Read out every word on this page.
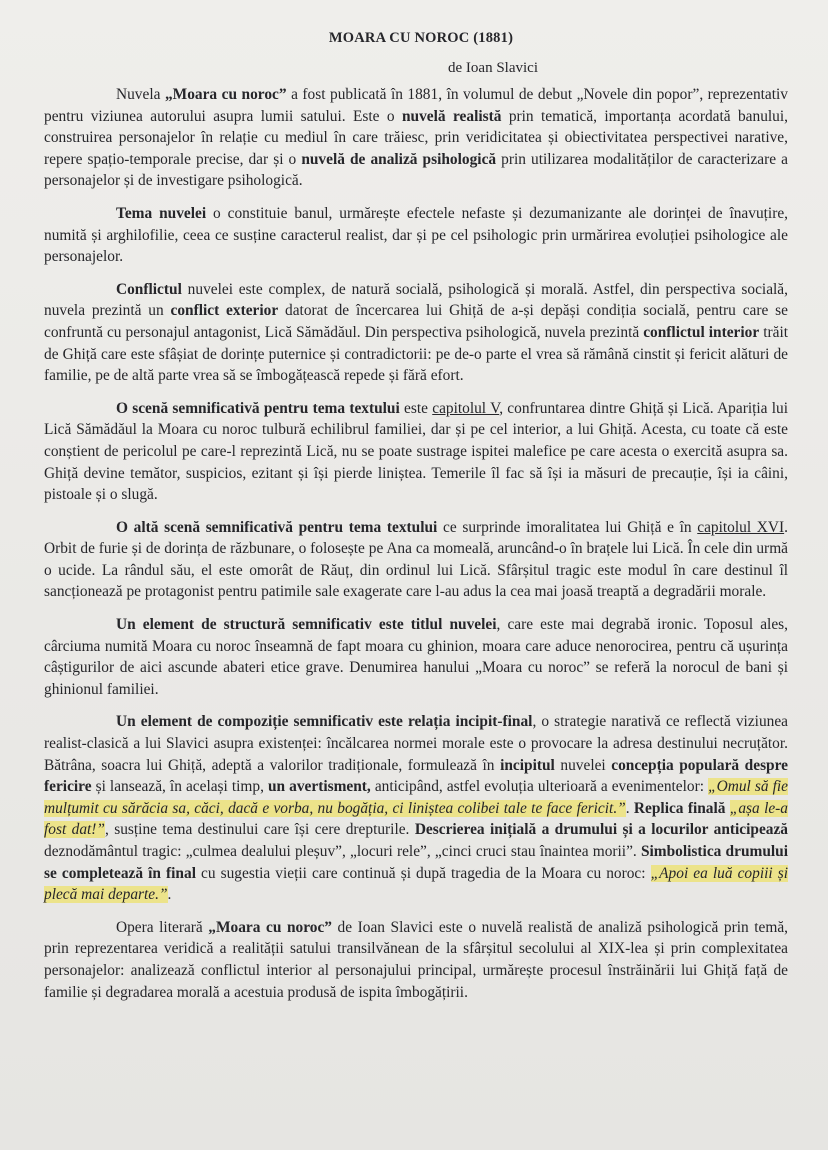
MOARA CU NOROC (1881)
de Ioan Slavici

Nuvela „Moara cu noroc” a fost publicată în 1881, în volumul de debut „Novele din popor”, reprezentativ pentru viziunea autorului asupra lumii satului. Este o nuvelă realistă prin tematică, importanța acordată banului, construirea personajelor în relație cu mediul în care trăiesc, prin veridicitatea și obiectivitatea perspectivei narative, repere spațio-temporale precise, dar și o nuvelă de analiză psihologică prin utilizarea modalităților de caracterizare a personajelor și de investigare psihologică.

Tema nuvelei o constituie banul, urmărește efectele nefaste și dezumanizante ale dorinței de înavuțire, numită și arghilofilie, ceea ce susține caracterul realist, dar și pe cel psihologic prin urmărirea evoluției psihologice ale personajelor.

Conflictul nuvelei este complex, de natură socială, psihologică și morală. Astfel, din perspectiva socială, nuvela prezintă un conflict exterior datorat de încercarea lui Ghiță de a-și depăși condiția socială, pentru care se confruntă cu personajul antagonist, Lică Sămădăul. Din perspectiva psihologică, nuvela prezintă conflictul interior trăit de Ghiță care este sfâșiat de dorințe puternice și contradictorii: pe de-o parte el vrea să rămână cinstit și fericit alături de familie, pe de altă parte vrea să se îmbogățească repede și fără efort.

O scenă semnificativă pentru tema textului este capitolul V, confruntarea dintre Ghiță și Lică. Apariția lui Lică Sămădăul la Moara cu noroc tulbură echilibrul familiei, dar și pe cel interior, a lui Ghiță. Acesta, cu toate că este conștient de pericolul pe care-l reprezintă Lică, nu se poate sustrage ispitei malefice pe care acesta o exercită asupra sa. Ghiță devine temător, suspicios, ezitant și își pierde liniștea. Temerile îl fac să își ia măsuri de precauție, își ia câini, pistoale și o slugă.

O altă scenă semnificativă pentru tema textului ce surprinde imoralitatea lui Ghiță e în capitolul XVI. Orbit de furie și de dorința de răzbunare, o folosește pe Ana ca momeală, aruncând-o în brațele lui Lică. În cele din urmă o ucide. La rândul său, el este omorât de Răuț, din ordinul lui Lică. Sfârșitul tragic este modul în care destinul îl sancționează pe protagonist pentru patimile sale exagerate care l-au adus la cea mai joasă treaptă a degradării morale.

Un element de structură semnificativ este titlul nuvelei, care este mai degrabă ironic. Toposul ales, cârciuma numită Moara cu noroc înseamnă de fapt moara cu ghinion, moara care aduce nenorocirea, pentru că ușurința câștigurilor de aici ascunde abateri etice grave. Denumirea hanului „Moara cu noroc” se referă la norocul de bani și ghinionul familiei.

Un element de compoziție semnificativ este relația incipit-final, o strategie narativă ce reflectă viziunea realist-clasică a lui Slavici asupra existenței: încălcarea normei morale este o provocare la adresa destinului necruțător. Bătrâna, soacra lui Ghiță, adeptă a valorilor tradiționale, formulează în incipitul nuvelei concepția populară despre fericire și lansează, în același timp, un avertisment, anticipând, astfel evoluția ulterioară a evenimentelor: „Omul să fie mulțumit cu sărăcia sa, căci, dacă e vorba, nu bogăția, ci liniștea colibei tale te face fericit.”. Replica finală „așa le-a fost dat!”, susține tema destinului care își cere drepturile. Descrierea inițială a drumului și a locurilor anticipează deznodământul tragic: „culmea dealului pleșuv”, „locuri rele”, „cinci cruci stau înaintea morii”. Simbolistica drumului se completează în final cu sugestia vieții care continuă și după tragedia de la Moara cu noroc: „Apoi ea luă copiii și plecă mai departe.”.

Opera literară „Moara cu noroc” de Ioan Slavici este o nuvelă realistă de analiză psihologică prin temă, prin reprezentarea veridică a realității satului transilvănean de la sfârșitul secolului al XIX-lea și prin complexitatea personajelor: analizează conflictul interior al personajului principal, urmărește procesul înstrăinării lui Ghiță față de familie și degradarea morală a acestuia produsă de ispita îmbogățirii.
